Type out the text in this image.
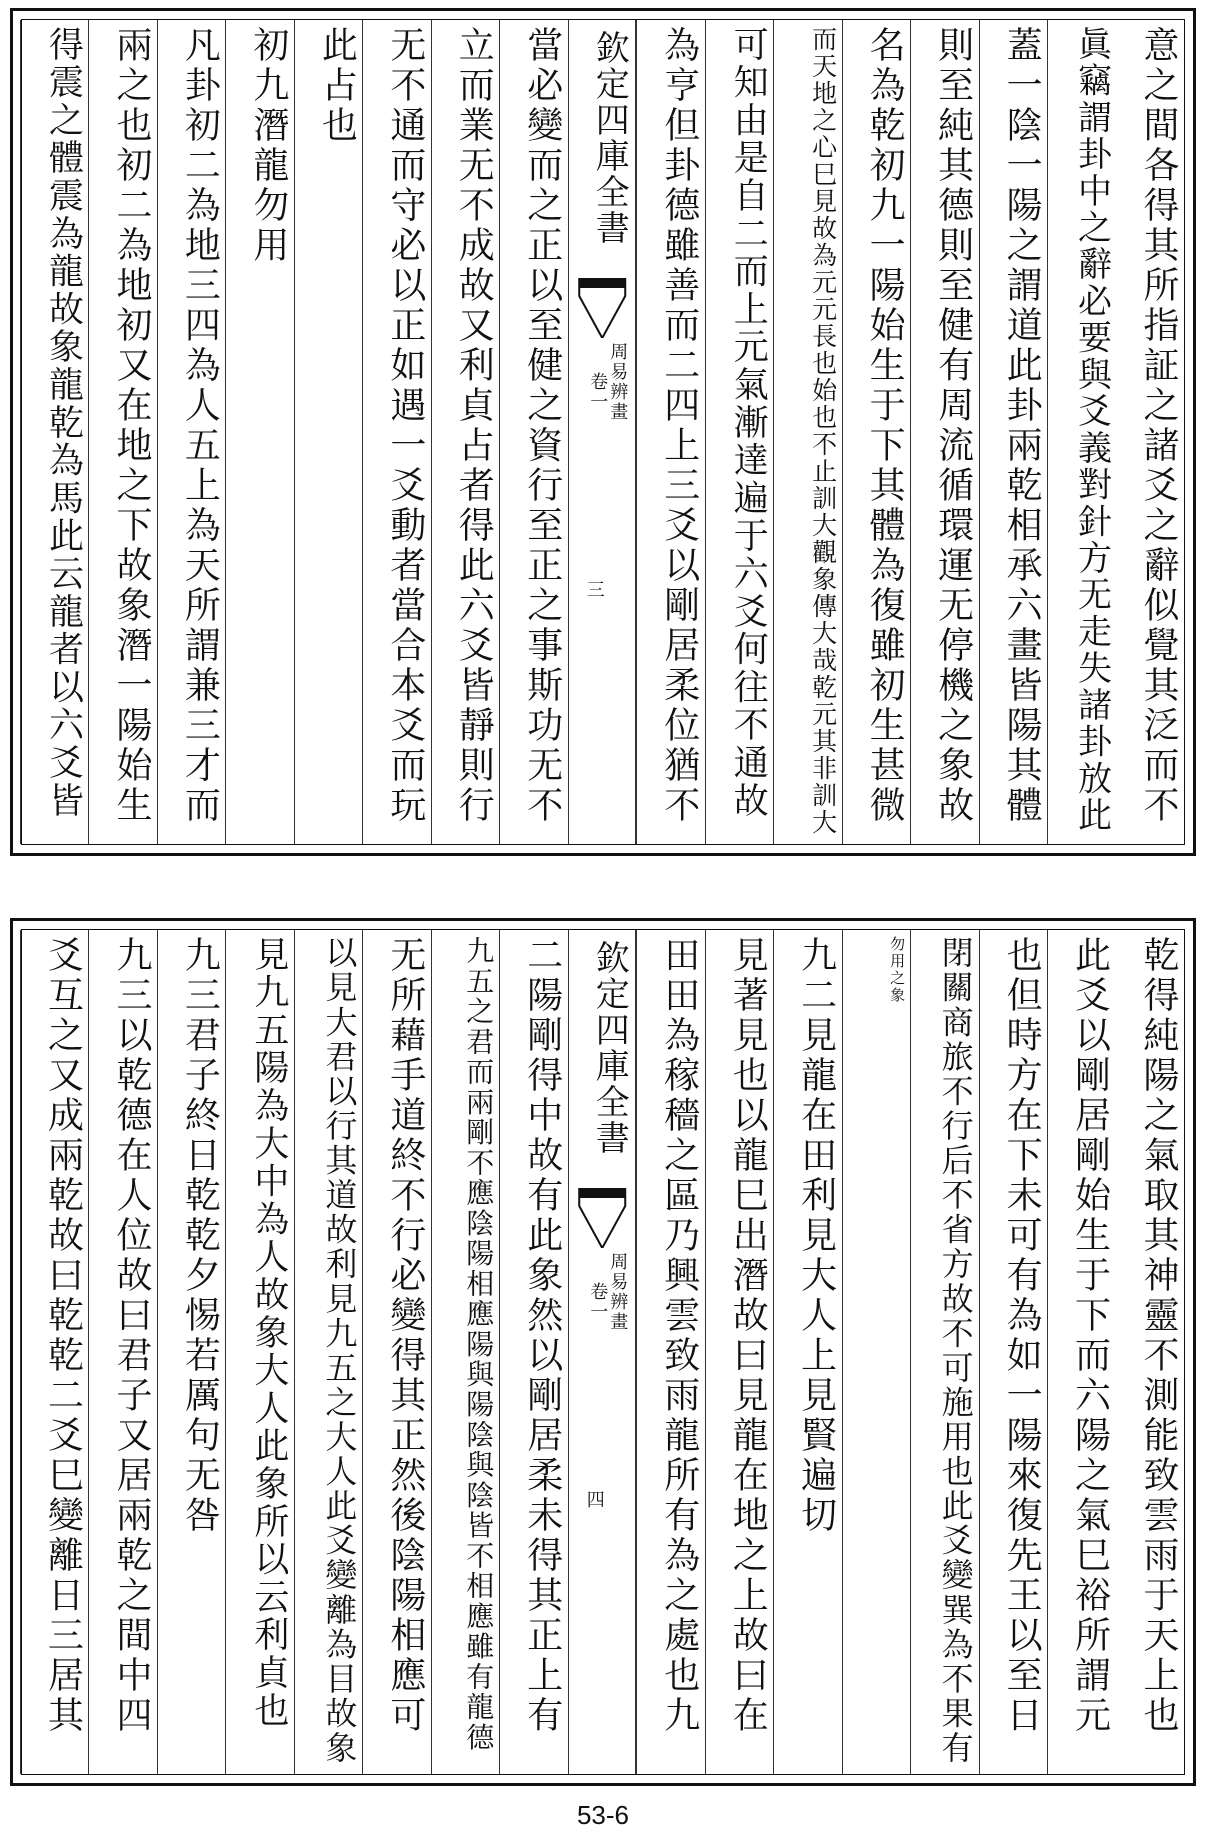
意之間各得其所指証之諸爻之辭似覺其泛而不
眞竊謂卦中之辭必要與爻義對針方无走失諸卦放此
蓋一陰一陽之謂道此卦兩乾相承六畫皆陽其體
則至純其德則至健有周流循環運无停機之象故
名為乾初九一陽始生于下其體為復雖初生甚微
而天地之心巳見故為元元長也始也不止訓大觀象傳大哉乾元其非訓大
可知由是自二而上元氣漸達遍于六爻何往不通故
為亨但卦德雖善而二四上三爻以剛居柔位猶不
欽定四庫全書
周易辨畫
卷一
三
當必變而之正以至健之資行至正之事斯功无不
立而業无不成故又利貞占者得此六爻皆靜則行
无不通而守必以正如遇一爻動者當合本爻而玩
此占也
初九潛龍勿用
凡卦初二為地三四為人五上為天所謂兼三才而
兩之也初二為地初又在地之下故象潛一陽始生
得震之體震為龍故象龍乾為馬此云龍者以六爻皆
乾得純陽之氣取其神靈不測能致雲雨于天上也
此爻以剛居剛始生于下而六陽之氣巳裕所謂元
也但時方在下未可有為如一陽來復先王以至日
閉關商旅不行后不省方故不可施用也此爻變巽為不果有
勿用之象
九二見龍在田利見大人上見賢遍切
見著見也以龍巳出潛故曰見龍在地之上故曰在
田田為稼穡之區乃興雲致雨龍所有為之處也九
欽定四庫全書
周易辨畫
卷一
四
二陽剛得中故有此象然以剛居柔未得其正上有
九五之君而兩剛不應陰陽相應陽與陽陰與陰皆不相應雖有龍德
无所藉手道終不行必變得其正然後陰陽相應可
以見大君以行其道故利見九五之大人此爻變離為目故象
見九五陽為大中為人故象大人此象所以云利貞也
九三君子終日乾乾夕惕若厲句无咎
九三以乾德在人位故曰君子又居兩乾之間中四
爻互之又成兩乾故曰乾乾二爻巳變離日三居其
53-6
